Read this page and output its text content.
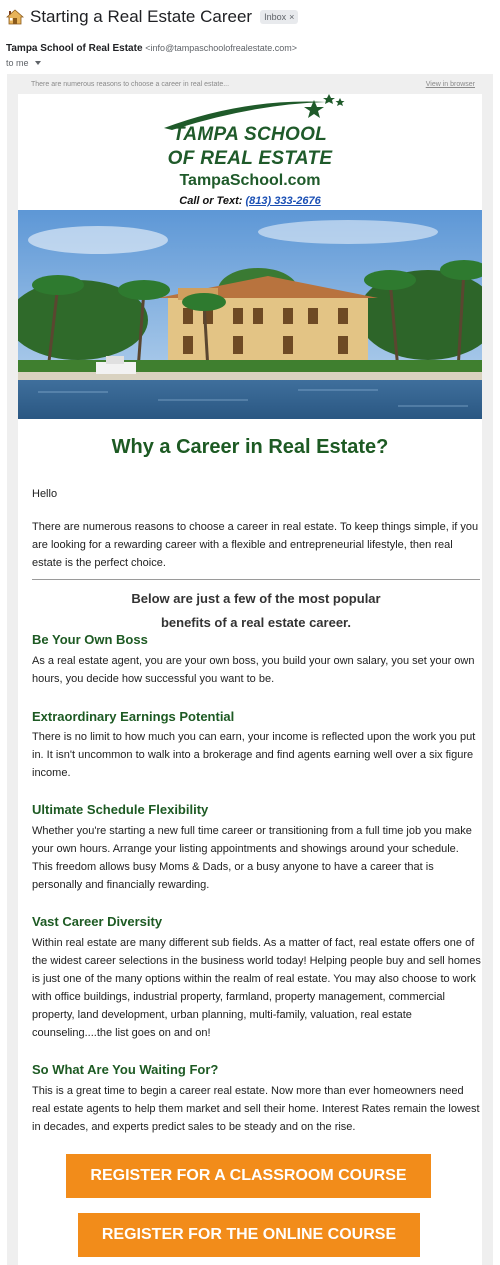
Starting a Real Estate Career Inbox ×
Tampa School of Real Estate <info@tampaschoolofrealestate.com>
to me
There are numerous reasons to choose a career in real estate...	View in browser
TAMPA SCHOOL
OF REAL ESTATE
TampaSchool.com
Call or Text: (813) 333-2676
Why a Career in Real Estate?
Hello
There are numerous reasons to choose a career in real estate. To keep things simple, if you are looking for a rewarding career with a flexible and entrepreneurial lifestyle, then real estate is the perfect choice.
Below are just a few of the most popular
benefits of a real estate career.
Be Your Own Boss
As a real estate agent, you are your own boss, you build your own salary, you set your own hours, you decide how successful you want to be.
Extraordinary Earnings Potential
There is no limit to how much you can earn, your income is reflected upon the work you put in. It isn't uncommon to walk into a brokerage and find agents earning well over a six figure income.
Ultimate Schedule Flexibility
Whether you're starting a new full time career or transitioning from a full time job you make your own hours. Arrange your listing appointments and showings around your schedule. This freedom allows busy Moms & Dads, or a busy anyone to have a career that is personally and financially rewarding.
Vast Career Diversity
Within real estate are many different sub fields. As a matter of fact, real estate offers one of the widest career selections in the business world today! Helping people buy and sell homes is just one of the many options within the realm of real estate. You may also choose to work with office buildings, industrial property, farmland, property management, commercial property, land development, urban planning, multi-family, valuation, real estate counseling....the list goes on and on!
So What Are You Waiting For?
This is a great time to begin a career real estate. Now more than ever homeowners need real estate agents to help them market and sell their home. Interest Rates remain the lowest in decades, and experts predict sales to be steady and on the rise.
REGISTER FOR A CLASSROOM COURSE
REGISTER FOR THE ONLINE COURSE
